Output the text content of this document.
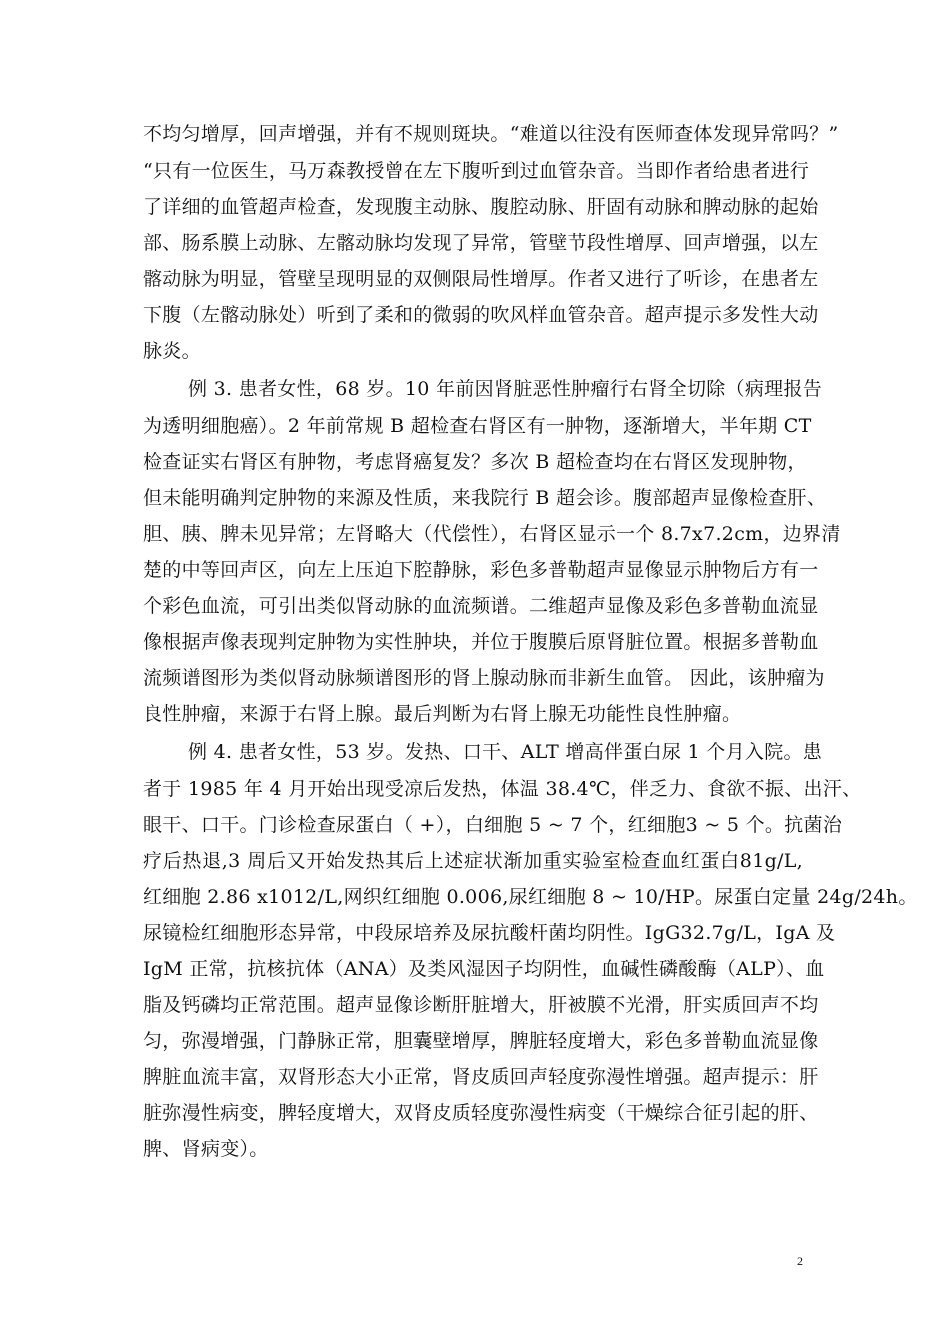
不均匀增厚，回声增强，并有不规则斑块。“难道以往没有医师查体发现异常吗？”
“只有一位医生，马万森教授曾在左下腹听到过血管杂音。当即作者给患者进行
了详细的血管超声检查，发现腹主动脉、腹腔动脉、肝固有动脉和脾动脉的起始
部、肠系膜上动脉、左髂动脉均发现了异常，管壁节段性增厚、回声增强，以左
髂动脉为明显，管壁呈现明显的双侧限局性增厚。作者又进行了听诊，在患者左
下腹（左髂动脉处）听到了柔和的微弱的吹风样血管杂音。超声提示多发性大动
脉炎。
例 3. 患者女性，68 岁。10 年前因肾脏恶性肿瘤行右肾全切除（病理报告
为透明细胞癌）。2 年前常规 B 超检查右肾区有一肿物，逐渐增大，半年期 CT
检查证实右肾区有肿物，考虑肾癌复发？多次 B 超检查均在右肾区发现肿物，
但未能明确判定肿物的来源及性质，来我院行 B 超会诊。腹部超声显像检查肝、
胆、胰、脾未见异常；左肾略大（代偿性），右肾区显示一个 8.7x7.2cm，边界清
楚的中等回声区，向左上压迫下腔静脉，彩色多普勒超声显像显示肿物后方有一
个彩色血流，可引出类似肾动脉的血流频谱。二维超声显像及彩色多普勒血流显
像根据声像表现判定肿物为实性肿块，并位于腹膜后原肾脏位置。根据多普勒血
流频谱图形为类似肾动脉频谱图形的肾上腺动脉而非新生血管。 因此，该肿瘤为
良性肿瘤，来源于右肾上腺。最后判断为右肾上腺无功能性良性肿瘤。
例 4. 患者女性，53 岁。发热、口干、ALT 增高伴蛋白尿 1 个月入院。患
者于 1985 年 4 月开始出现受凉后发热，体温 38.4℃，伴乏力、食欲不振、出汗、
眼干、口干。门诊检查尿蛋白（ +），白细胞 5 ~ 7 个，红细胞3 ~ 5 个。抗菌治
疗后热退,3 周后又开始发热其后上述症状渐加重实验室检查血红蛋白81g/L,
红细胞 2.86 x1012/L,网织红细胞 0.006,尿红细胞 8 ~ 10/HP。尿蛋白定量 24g/24h。
尿镜检红细胞形态异常，中段尿培养及尿抗酸杆菌均阴性。IgG32.7g/L，IgA 及
IgM 正常，抗核抗体（ANA）及类风湿因子均阴性，血碱性磷酸酶（ALP）、血
脂及钙磷均正常范围。超声显像诊断肝脏增大，肝被膜不光滑，肝实质回声不均
匀，弥漫增强，门静脉正常，胆囊壁增厚，脾脏轻度增大，彩色多普勒血流显像
脾脏血流丰富，双肾形态大小正常，肾皮质回声轻度弥漫性增强。超声提示：肝
脏弥漫性病变，脾轻度增大，双肾皮质轻度弥漫性病变（干燥综合征引起的肝、
脾、肾病变）。
2
